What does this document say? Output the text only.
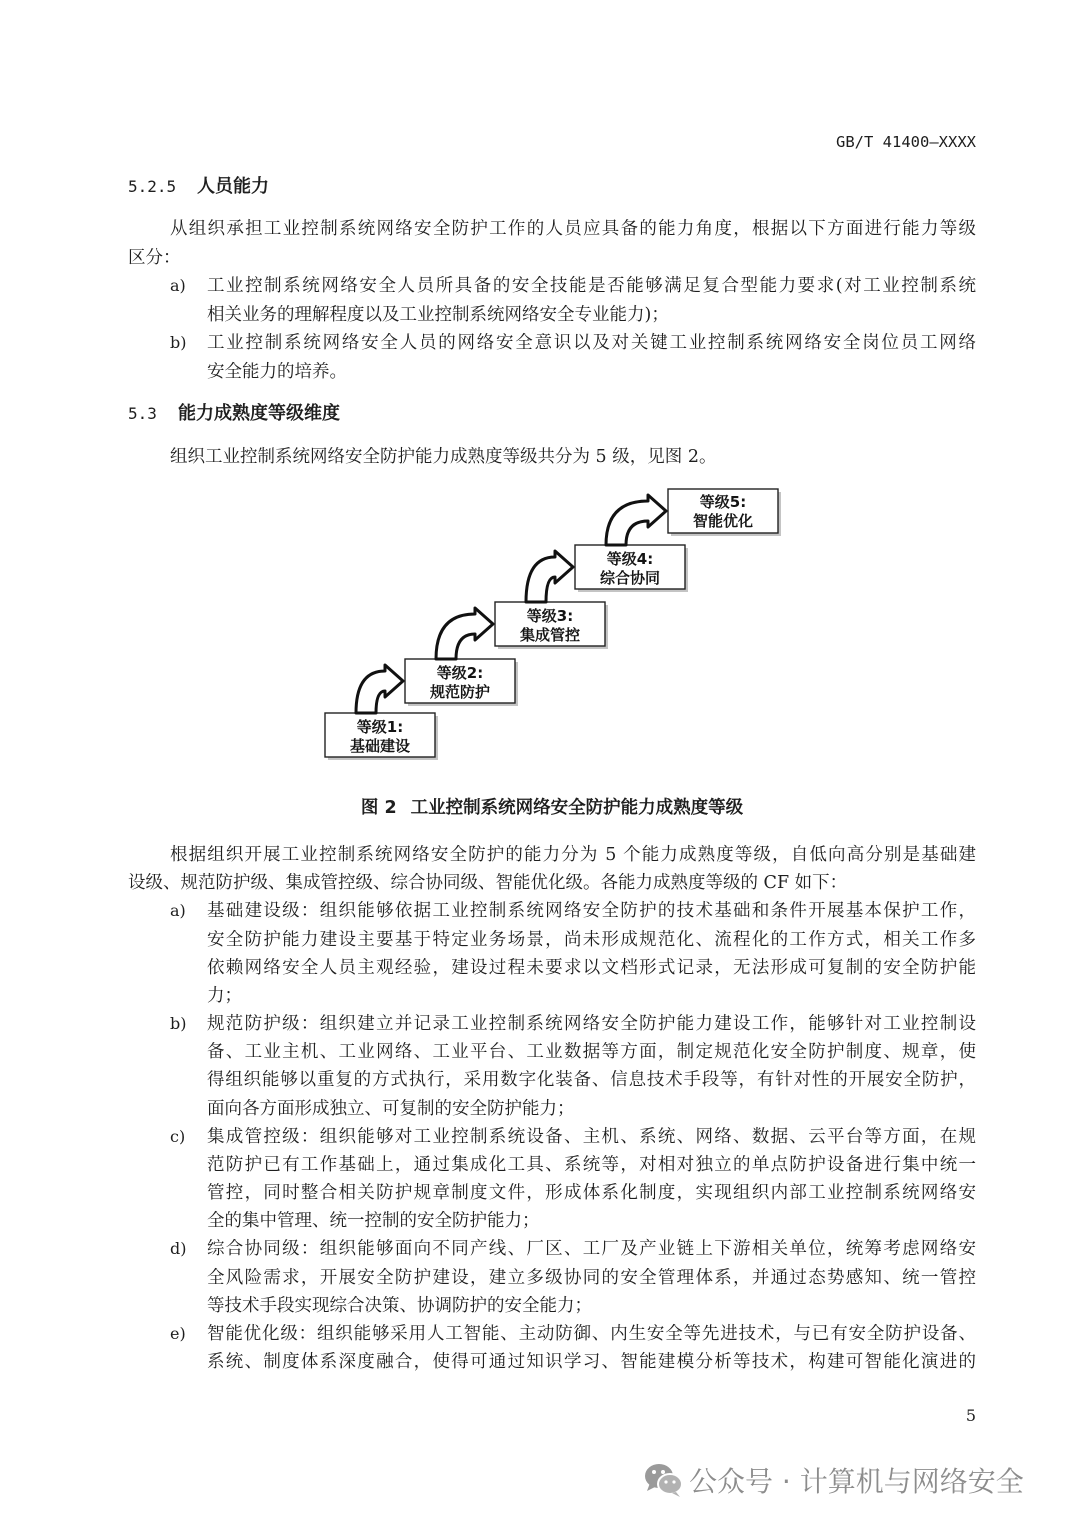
GB/T 41400—XXXX
5.2.5 人员能力
从组织承担工业控制系统网络安全防护工作的人员应具备的能力角度，根据以下方面进行能力等级
区分：
a)	工业控制系统网络安全人员所具备的安全技能是否能够满足复合型能力要求(对工业控制系统
相关业务的理解程度以及工业控制系统网络安全专业能力)；
b)	工业控制系统网络安全人员的网络安全意识以及对关键工业控制系统网络安全岗位员工网络
安全能力的培养。
5.3 能力成熟度等级维度
组织工业控制系统网络安全防护能力成熟度等级共分为 5 级，见图 2。
等级1:
基础建设
等级2:
规范防护
等级3:
集成管控
等级4:
综合协同
等级5:
智能优化
图 2 工业控制系统网络安全防护能力成熟度等级
根据组织开展工业控制系统网络安全防护的能力分为 5 个能力成熟度等级，自低向高分别是基础建
设级、规范防护级、集成管控级、综合协同级、智能优化级。各能力成熟度等级的 CF 如下：
a)	基础建设级：组织能够依据工业控制系统网络安全防护的技术基础和条件开展基本保护工作，
安全防护能力建设主要基于特定业务场景，尚未形成规范化、流程化的工作方式，相关工作多
依赖网络安全人员主观经验，建设过程未要求以文档形式记录，无法形成可复制的安全防护能
力；
b)	规范防护级：组织建立并记录工业控制系统网络安全防护能力建设工作，能够针对工业控制设
备、工业主机、工业网络、工业平台、工业数据等方面，制定规范化安全防护制度、规章，使
得组织能够以重复的方式执行，采用数字化装备、信息技术手段等，有针对性的开展安全防护，
面向各方面形成独立、可复制的安全防护能力；
c)	集成管控级：组织能够对工业控制系统设备、主机、系统、网络、数据、云平台等方面，在规
范防护已有工作基础上，通过集成化工具、系统等，对相对独立的单点防护设备进行集中统一
管控，同时整合相关防护规章制度文件，形成体系化制度，实现组织内部工业控制系统网络安
全的集中管理、统一控制的安全防护能力；
d)	综合协同级：组织能够面向不同产线、厂区、工厂及产业链上下游相关单位，统筹考虑网络安
全风险需求，开展安全防护建设，建立多级协同的安全管理体系，并通过态势感知、统一管控
等技术手段实现综合决策、协调防护的安全能力；
e)	智能优化级：组织能够采用人工智能、主动防御、内生安全等先进技术，与已有安全防护设备、
系统、制度体系深度融合，使得可通过知识学习、智能建模分析等技术，构建可智能化演进的
5
公众号 · 计算机与网络安全
